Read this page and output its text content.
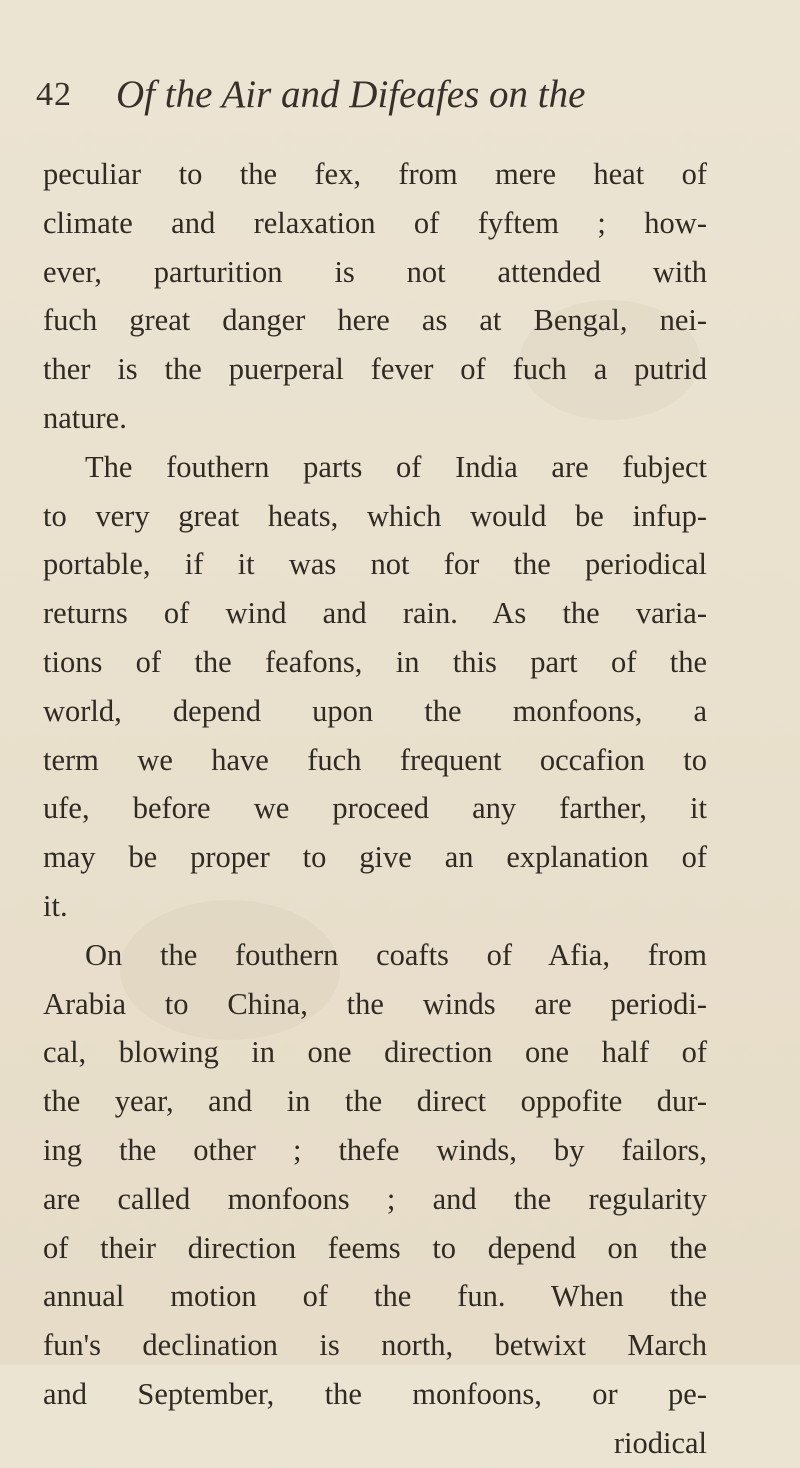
42 Of the Air and Difeafes on the
peculiar to the fex, from mere heat of
climate and relaxation of fyftem ; how-
ever, parturition is not attended with
fuch great danger here as at Bengal, nei-
ther is the puerperal fever of fuch a putrid
nature.
The fouthern parts of India are fubject
to very great heats, which would be infup-
portable, if it was not for the periodical
returns of wind and rain. As the varia-
tions of the feafons, in this part of the
world, depend upon the monfoons, a
term we have fuch frequent occafion to
ufe, before we proceed any farther, it
may be proper to give an explanation of
it.
On the fouthern coafts of Afia, from
Arabia to China, the winds are periodi-
cal, blowing in one direction one half of
the year, and in the direct oppofite dur-
ing the other ; thefe winds, by failors,
are called monfoons ; and the regularity
of their direction feems to depend on the
annual motion of the fun. When the
fun's declination is north, betwixt March
and September, the monfoons, or pe-
riodical
